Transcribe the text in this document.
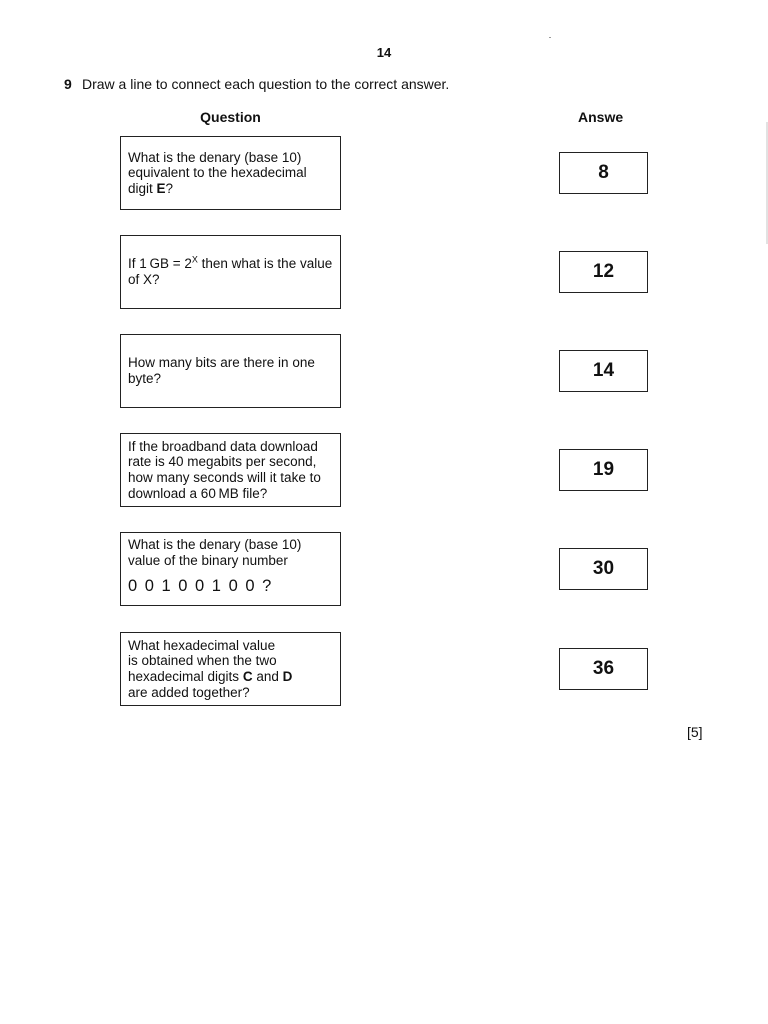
14
9 Draw a line to connect each question to the correct answer.
Question	Answe
What is the denary (base 10) equivalent to the hexadecimal digit E?
If 1 GB = $2^X$ then what is the value of X?
How many bits are there in one byte?
If the broadband data download rate is 40 megabits per second, how many seconds will it take to download a 60 MB file?
What is the denary (base 10) value of the binary number
0 0 1 0 0 1 0 0 ?
What hexadecimal value
is obtained when the two
hexadecimal digits C and D
are added together?
8
12
14
19
30
36
[5]
